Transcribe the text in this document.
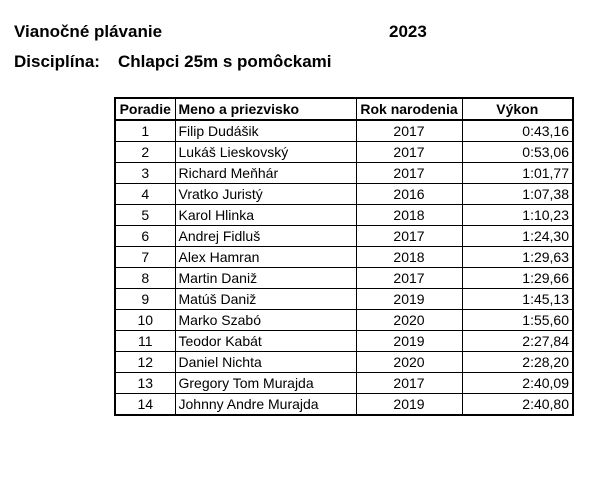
Vianočné plávanie	2023
Disciplína: Chlapci 25m s pomôckami
Poradie	Meno a priezvisko	Rok narodenia	Výkon
1	Filip Dudášik	2017	0:43,16
2	Lukáš Lieskovský	2017	0:53,06
3	Richard Meňhár	2017	1:01,77
4	Vratko Juristý	2016	1:07,38
5	Karol Hlinka	2018	1:10,23
6	Andrej Fidluš	2017	1:24,30
7	Alex Hamran	2018	1:29,63
8	Martin Daniž	2017	1:29,66
9	Matúš Daniž	2019	1:45,13
10	Marko Szabó	2020	1:55,60
11	Teodor Kabát	2019	2:27,84
12	Daniel Nichta	2020	2:28,20
13	Gregory Tom Murajda	2017	2:40,09
14	Johnny Andre Murajda	2019	2:40,80
